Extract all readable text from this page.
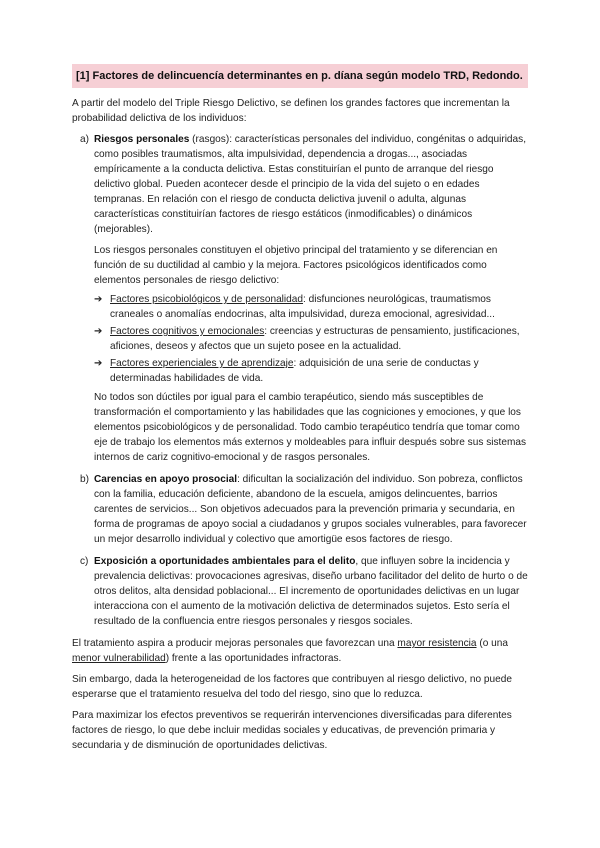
[1] Factores de delincuencía determinantes en p. díana según modelo TRD, Redondo.

A partir del modelo del Triple Riesgo Delictivo, se definen los grandes factores que incrementan la probabilidad delictiva de los individuos:

a) Riesgos personales (rasgos): características personales del individuo, congénitas o adquiridas, como posibles traumatismos, alta impulsividad, dependencia a drogas..., asociadas empíricamente a la conducta delictiva. Estas constituirían el punto de arranque del riesgo delictivo global. Pueden acontecer desde el principio de la vida del sujeto o en edades tempranas. En relación con el riesgo de conducta delictiva juvenil o adulta, algunas características constituirían factores de riesgo estáticos (inmodificables) o dinámicos (mejorables).

Los riesgos personales constituyen el objetivo principal del tratamiento y se diferencian en función de su ductilidad al cambio y la mejora. Factores psicológicos identificados como elementos personales de riesgo delictivo:

➔ Factores psicobiológicos y de personalidad: disfunciones neurológicas, traumatismos craneales o anomalías endocrinas, alta impulsividad, dureza emocional, agresividad...
➔ Factores cognitivos y emocionales: creencias y estructuras de pensamiento, justificaciones, aficiones, deseos y afectos que un sujeto posee en la actualidad.
➔ Factores experienciales y de aprendizaje: adquisición de una serie de conductas y determinadas habilidades de vida.

No todos son dúctiles por igual para el cambio terapéutico, siendo más susceptibles de transformación el comportamiento y las habilidades que las cogniciones y emociones, y que los elementos psicobiológicos y de personalidad. Todo cambio terapéutico tendría que tomar como eje de trabajo los elementos más externos y moldeables para influir después sobre sus sistemas internos de cariz cognitivo-emocional y de rasgos personales.

b) Carencias en apoyo prosocial: dificultan la socialización del individuo. Son pobreza, conflictos con la familia, educación deficiente, abandono de la escuela, amigos delincuentes, barrios carentes de servicios... Son objetivos adecuados para la prevención primaria y secundaria, en forma de programas de apoyo social a ciudadanos y grupos sociales vulnerables, para favorecer un mejor desarrollo individual y colectivo que amortigüe esos factores de riesgo.

c) Exposición a oportunidades ambientales para el delito, que influyen sobre la incidencia y prevalencia delictivas: provocaciones agresivas, diseño urbano facilitador del delito de hurto o de otros delitos, alta densidad poblacional... El incremento de oportunidades delictivas en un lugar interacciona con el aumento de la motivación delictiva de determinados sujetos. Esto sería el resultado de la confluencia entre riesgos personales y riesgos sociales.

El tratamiento aspira a producir mejoras personales que favorezcan una mayor resistencia (o una menor vulnerabilidad) frente a las oportunidades infractoras.

Sin embargo, dada la heterogeneidad de los factores que contribuyen al riesgo delictivo, no puede esperarse que el tratamiento resuelva del todo del riesgo, sino que lo reduzca.

Para maximizar los efectos preventivos se requerirán intervenciones diversificadas para diferentes factores de riesgo, lo que debe incluir medidas sociales y educativas, de prevención primaria y secundaria y de disminución de oportunidades delictivas.
